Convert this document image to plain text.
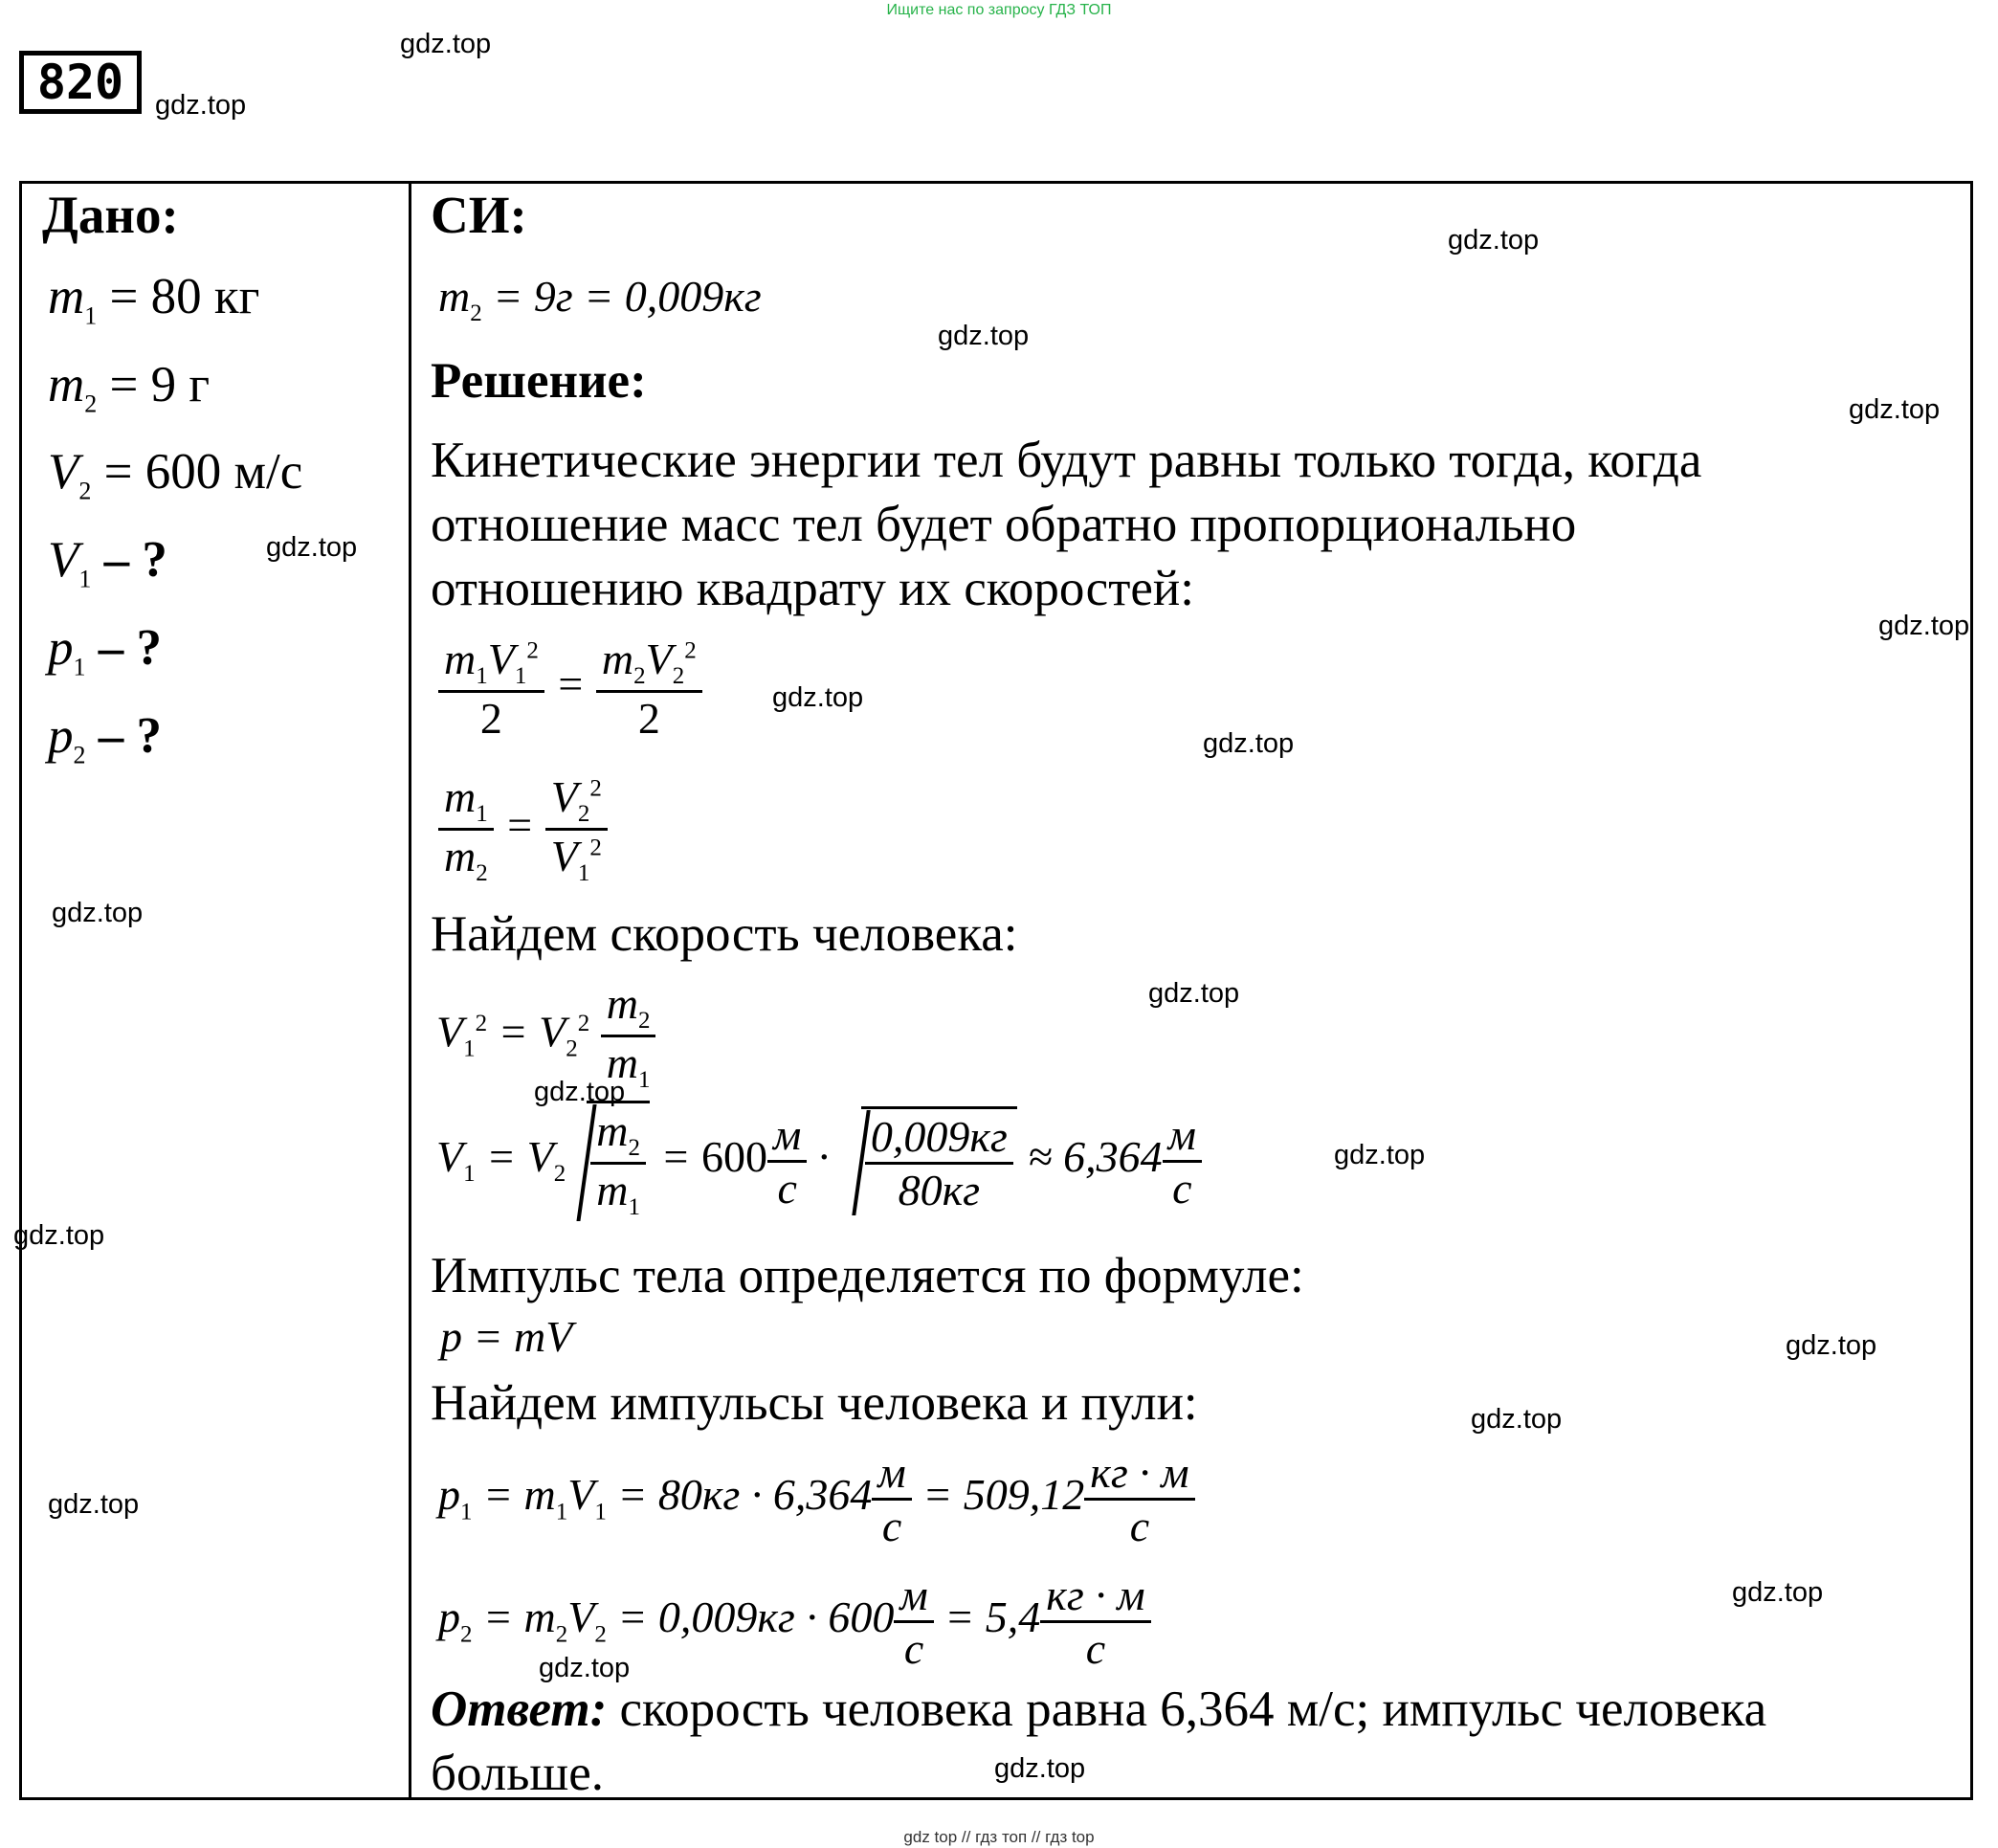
Ищите нас по запросу ГДЗ ТОП
820
gdz.top
gdz.top
gdz.top
gdz.top
gdz.top
gdz.top
gdz.top
gdz.top
gdz.top
gdz.top
gdz.top
gdz.top
gdz.top
gdz.top
gdz.top
gdz.top
gdz.top
gdz.top
gdz.top
gdz.top
Дано:
$m_1 = 80$ кг
$m_2 = 9$ г
$V_2 = 600$ м/с
$V_1$ – ?
$p_1$ – ?
$p_2$ – ?
СИ:
$m_2 = 9г = 0,009кг$
Решение:
Кинетические энергии тел будут равны только тогда, когда
отношение масс тел будет обратно пропорционально
отношению квадрату их скоростей:
$\frac{m_1V_1^2}{2} = \frac{m_2V_2^2}{2}$
$\frac{m_1}{m_2} = \frac{V_2^2}{V_1^2}$
Найдем скорость человека:
$V_1^2 = V_2^2 \frac{m_2}{m_1}$
$V_1 = V_2 \frac{m_2}{m_1} = 600 \frac{м}{с} \cdot \frac{0,009кг}{80кг} \approx 6,364 \frac{м}{с}$
Импульс тела определяется по формуле:
p = mV
Найдем импульсы человека и пули:
$p_1 = m_1V_1 = 80кг \cdot 6,364 \frac{м}{с} = 509,12 \frac{кг \cdot м}{с}$
$p_2 = m_2V_2 = 0,009кг \cdot 600 \frac{м}{с} = 5,4 \frac{кг \cdot м}{с}$
Ответ: скорость человека равна 6,364 м/с; импульс человека
больше.
gdz top // гдз топ // гдз top
